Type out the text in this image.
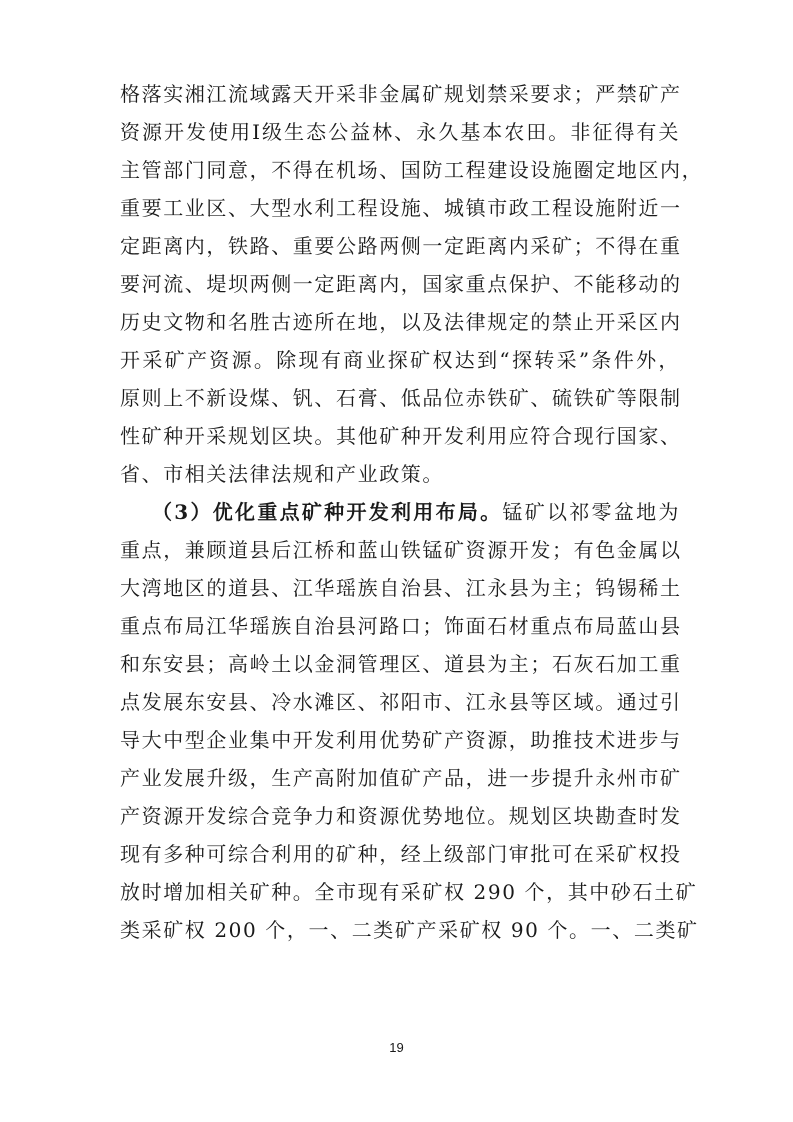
格落实湘江流域露天开采非金属矿规划禁采要求；严禁矿产
资源开发使用Ⅰ级生态公益林、永久基本农田。非征得有关
主管部门同意，不得在机场、国防工程建设设施圈定地区内，
重要工业区、大型水利工程设施、城镇市政工程设施附近一
定距离内，铁路、重要公路两侧一定距离内采矿；不得在重
要河流、堤坝两侧一定距离内，国家重点保护、不能移动的
历史文物和名胜古迹所在地，以及法律规定的禁止开采区内
开采矿产资源。除现有商业探矿权达到“探转采”条件外，
原则上不新设煤、钒、石膏、低品位赤铁矿、硫铁矿等限制
性矿种开采规划区块。其他矿种开发利用应符合现行国家、
省、市相关法律法规和产业政策。
（3）优化重点矿种开发利用布局。锰矿以祁零盆地为
重点，兼顾道县后江桥和蓝山铁锰矿资源开发；有色金属以
大湾地区的道县、江华瑶族自治县、江永县为主；钨锡稀土
重点布局江华瑶族自治县河路口；饰面石材重点布局蓝山县
和东安县；高岭土以金洞管理区、道县为主；石灰石加工重
点发展东安县、冷水滩区、祁阳市、江永县等区域。通过引
导大中型企业集中开发利用优势矿产资源，助推技术进步与
产业发展升级，生产高附加值矿产品，进一步提升永州市矿
产资源开发综合竞争力和资源优势地位。规划区块勘查时发
现有多种可综合利用的矿种，经上级部门审批可在采矿权投
放时增加相关矿种。全市现有采矿权 290 个，其中砂石土矿
类采矿权 200 个，一、二类矿产采矿权 90 个。一、二类矿
19
